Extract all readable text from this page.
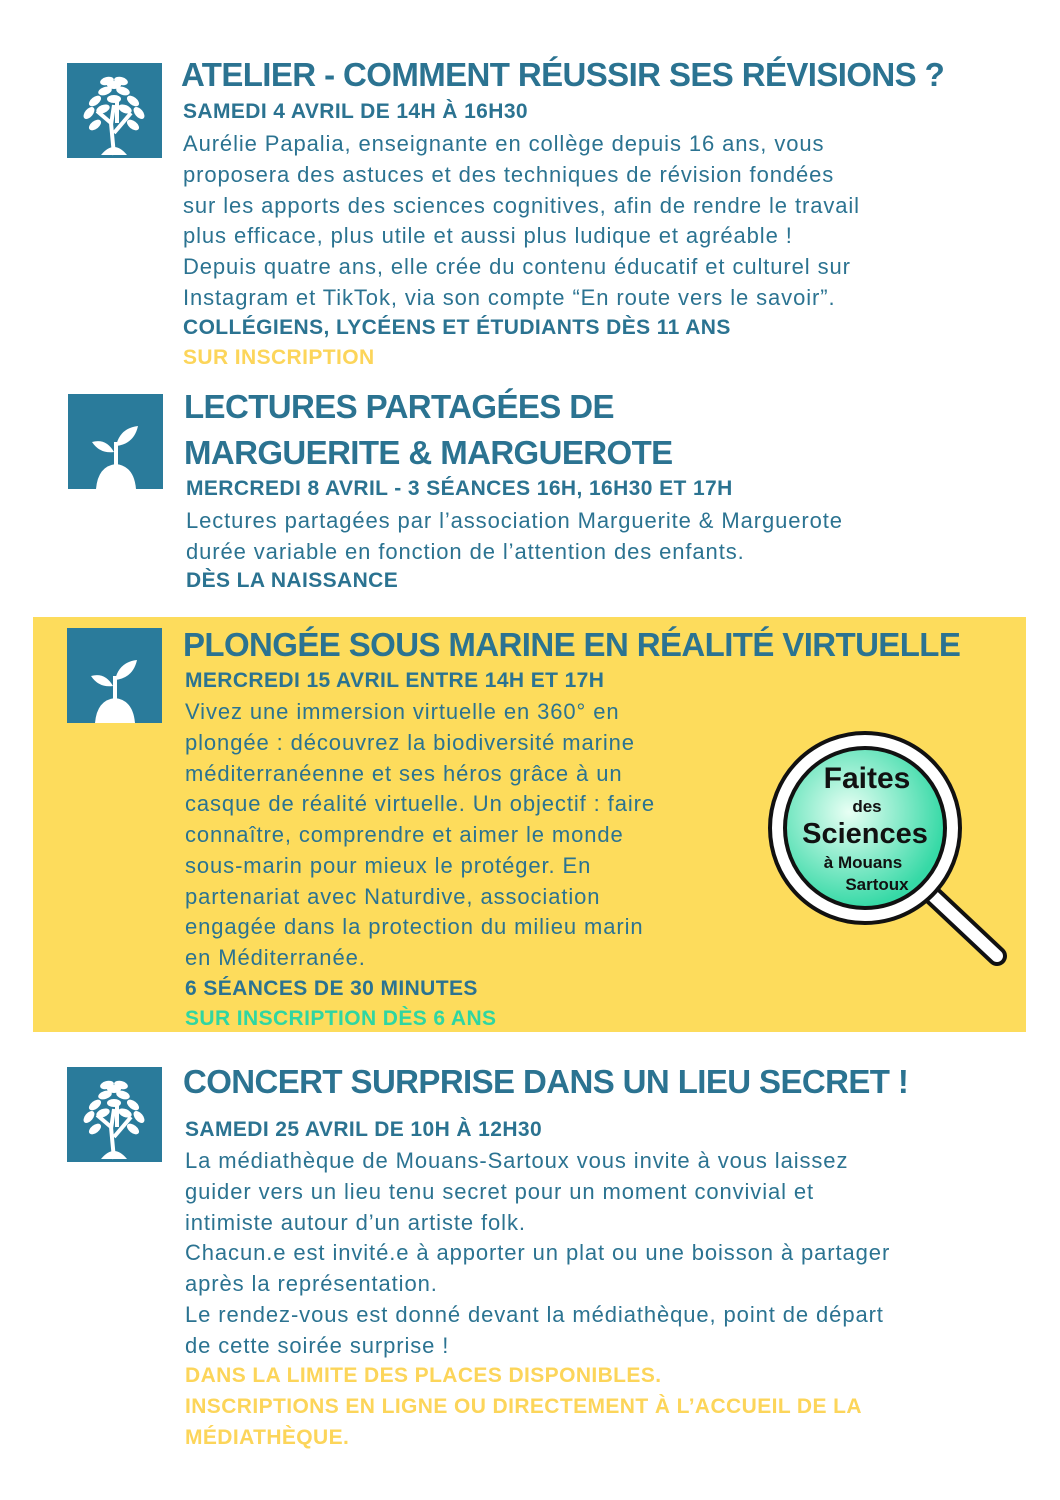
ATELIER - COMMENT RÉUSSIR SES RÉVISIONS ?
SAMEDI 4 AVRIL DE 14H À 16H30
Aurélie Papalia, enseignante en collège depuis 16 ans, vous
proposera des astuces et des techniques de révision fondées
sur les apports des sciences cognitives, afin de rendre le travail
plus efficace, plus utile et aussi plus ludique et agréable !
Depuis quatre ans, elle crée du contenu éducatif et culturel sur
Instagram et TikTok, via son compte “En route vers le savoir”.
COLLÉGIENS, LYCÉENS ET ÉTUDIANTS DÈS 11 ANS
SUR INSCRIPTION
LECTURES PARTAGÉES DE
MARGUERITE & MARGUEROTE
MERCREDI 8 AVRIL - 3 SÉANCES 16H, 16H30 ET 17H
Lectures partagées par l’association Marguerite & Marguerote
durée variable en fonction de l’attention des enfants.
DÈS LA NAISSANCE
PLONGÉE SOUS MARINE EN RÉALITÉ VIRTUELLE
MERCREDI 15 AVRIL ENTRE 14H ET 17H
Vivez une immersion virtuelle en 360° en
plongée : découvrez la biodiversité marine
méditerranéenne et ses héros grâce à un
casque de réalité virtuelle. Un objectif : faire
connaître, comprendre et aimer le monde
sous-marin pour mieux le protéger. En
partenariat avec Naturdive, association
engagée dans la protection du milieu marin
en Méditerranée.
6 SÉANCES DE 30 MINUTES
SUR INSCRIPTION DÈS 6 ANS
CONCERT SURPRISE DANS UN LIEU SECRET !
SAMEDI 25 AVRIL DE 10H À 12H30
La médiathèque de Mouans-Sartoux vous invite à vous laissez
guider vers un lieu tenu secret pour un moment convivial et
intimiste autour d’un artiste folk.
Chacun.e est invité.e à apporter un plat ou une boisson à partager
après la représentation.
Le rendez-vous est donné devant la médiathèque, point de départ
de cette soirée surprise !
DANS LA LIMITE DES PLACES DISPONIBLES.
INSCRIPTIONS EN LIGNE OU DIRECTEMENT À L’ACCUEIL DE LA
MÉDIATHÈQUE.
Faites
des
Sciences
à Mouans
Sartoux
